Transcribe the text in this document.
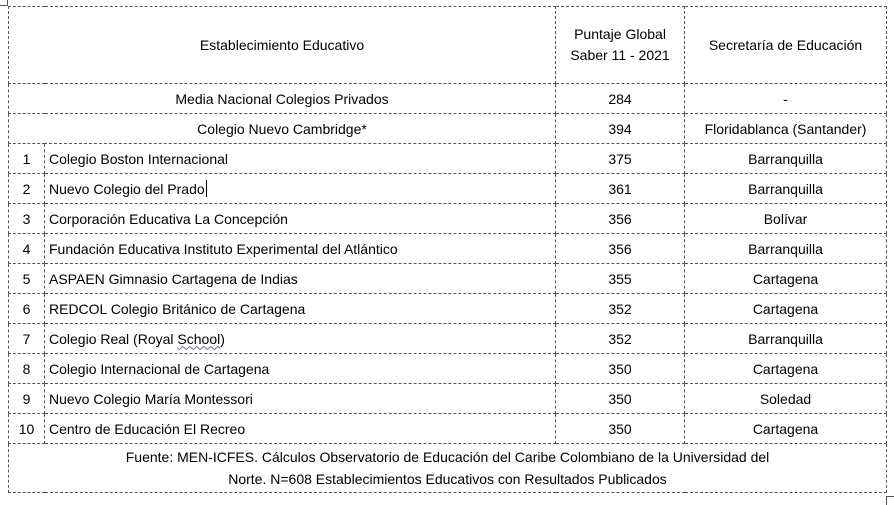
Establecimiento Educativo		Puntaje Global Saber 11 - 2021	Secretaría de Educación
Media Nacional Colegios Privados		284	-
Colegio Nuevo Cambridge*		394	Floridablanca (Santander)
1	Colegio Boston Internacional	375	Barranquilla
2	Nuevo Colegio del Prado	361	Barranquilla
3	Corporación Educativa La Concepción	356	Bolívar
4	Fundación Educativa Instituto Experimental del Atlántico	356	Barranquilla
5	ASPAEN Gimnasio Cartagena de Indias	355	Cartagena
6	REDCOL Colegio Británico de Cartagena	352	Cartagena
7	Colegio Real (Royal School)	352	Barranquilla
8	Colegio Internacional de Cartagena	350	Cartagena
9	Nuevo Colegio María Montessori	350	Soledad
10	Centro de Educación El Recreo	350	Cartagena

Fuente: MEN-ICFES. Cálculos Observatorio de Educación del Caribe Colombiano de la Universidad del
Norte. N=608 Establecimientos Educativos con Resultados Publicados			
